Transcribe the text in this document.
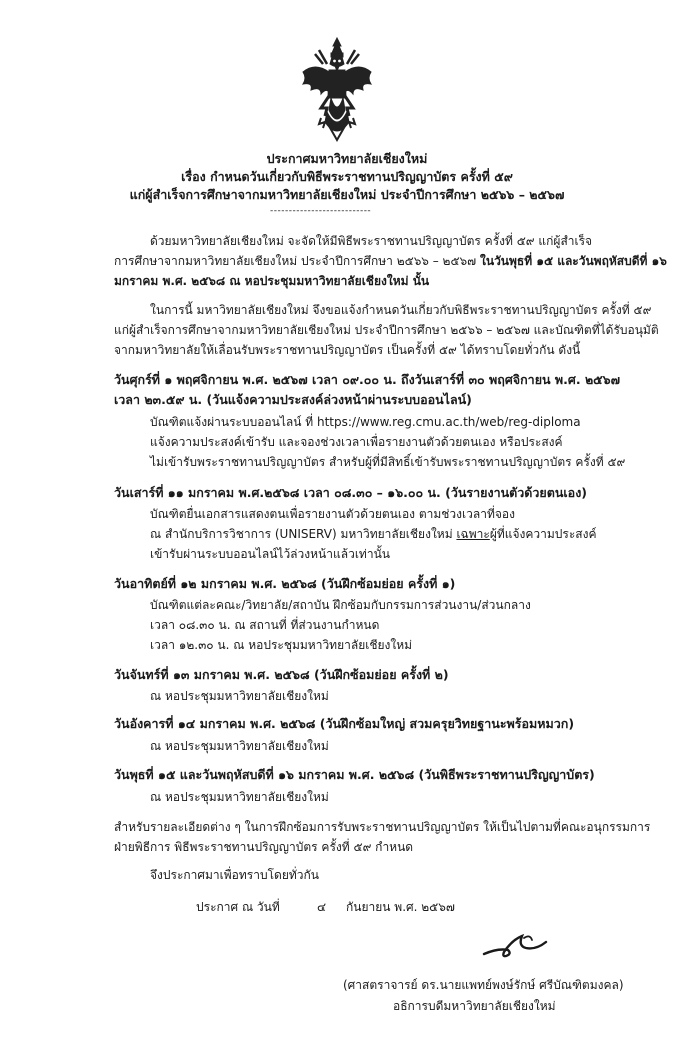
ประกาศมหาวิทยาลัยเชียงใหม่
เรื่อง กำหนดวันเกี่ยวกับพิธีพระราชทานปริญญาบัตร ครั้งที่ ๕๙
แก่ผู้สำเร็จการศึกษาจากมหาวิทยาลัยเชียงใหม่ ประจำปีการศึกษา ๒๕๖๖ – ๒๕๖๗
---------------------------
ด้วยมหาวิทยาลัยเชียงใหม่ จะจัดให้มีพิธีพระราชทานปริญญาบัตร ครั้งที่ ๕๙ แก่ผู้สำเร็จ
การศึกษาจากมหาวิทยาลัยเชียงใหม่ ประจำปีการศึกษา ๒๕๖๖ – ๒๕๖๗ ในวันพุธที่ ๑๕ และวันพฤหัสบดีที่ ๑๖
มกราคม พ.ศ. ๒๕๖๘ ณ หอประชุมมหาวิทยาลัยเชียงใหม่ นั้น
ในการนี้ มหาวิทยาลัยเชียงใหม่ จึงขอแจ้งกำหนดวันเกี่ยวกับพิธีพระราชทานปริญญาบัตร ครั้งที่ ๕๙
แก่ผู้สำเร็จการศึกษาจากมหาวิทยาลัยเชียงใหม่ ประจำปีการศึกษา ๒๕๖๖ – ๒๕๖๗ และบัณฑิตที่ได้รับอนุมัติ
จากมหาวิทยาลัยให้เลื่อนรับพระราชทานปริญญาบัตร เป็นครั้งที่ ๕๙ ได้ทราบโดยทั่วกัน ดังนี้
วันศุกร์ที่ ๑ พฤศจิกายน พ.ศ. ๒๕๖๗ เวลา ๐๙.๐๐ น. ถึงวันเสาร์ที่ ๓๐ พฤศจิกายน พ.ศ. ๒๕๖๗
เวลา ๒๓.๕๙ น. (วันแจ้งความประสงค์ล่วงหน้าผ่านระบบออนไลน์)
บัณฑิตแจ้งผ่านระบบออนไลน์ ที่ https://www.reg.cmu.ac.th/web/reg-diploma
แจ้งความประสงค์เข้ารับ และจองช่วงเวลาเพื่อรายงานตัวด้วยตนเอง หรือประสงค์
ไม่เข้ารับพระราชทานปริญญาบัตร สำหรับผู้ที่มีสิทธิ์เข้ารับพระราชทานปริญญาบัตร ครั้งที่ ๕๙
วันเสาร์ที่ ๑๑ มกราคม พ.ศ.๒๕๖๘ เวลา ๐๘.๓๐ – ๑๖.๐๐ น. (วันรายงานตัวด้วยตนเอง)
บัณฑิตยื่นเอกสารแสดงตนเพื่อรายงานตัวด้วยตนเอง ตามช่วงเวลาที่จอง
ณ สำนักบริการวิชาการ (UNISERV) มหาวิทยาลัยเชียงใหม่ เฉพาะผู้ที่แจ้งความประสงค์
เข้ารับผ่านระบบออนไลน์ไว้ล่วงหน้าแล้วเท่านั้น
วันอาทิตย์ที่ ๑๒ มกราคม พ.ศ. ๒๕๖๘ (วันฝึกซ้อมย่อย ครั้งที่ ๑)
บัณฑิตแต่ละคณะ/วิทยาลัย/สถาบัน ฝึกซ้อมกับกรรมการส่วนงาน/ส่วนกลาง
เวลา ๐๘.๓๐ น. ณ สถานที่ ที่ส่วนงานกำหนด
เวลา ๑๒.๓๐ น. ณ หอประชุมมหาวิทยาลัยเชียงใหม่
วันจันทร์ที่ ๑๓ มกราคม พ.ศ. ๒๕๖๘ (วันฝึกซ้อมย่อย ครั้งที่ ๒)
ณ หอประชุมมหาวิทยาลัยเชียงใหม่
วันอังคารที่ ๑๔ มกราคม พ.ศ. ๒๕๖๘ (วันฝึกซ้อมใหญ่ สวมครุยวิทยฐานะพร้อมหมวก)
ณ หอประชุมมหาวิทยาลัยเชียงใหม่
วันพุธที่ ๑๕ และวันพฤหัสบดีที่ ๑๖ มกราคม พ.ศ. ๒๕๖๘ (วันพิธีพระราชทานปริญญาบัตร)
ณ หอประชุมมหาวิทยาลัยเชียงใหม่
สำหรับรายละเอียดต่าง ๆ ในการฝึกซ้อมการรับพระราชทานปริญญาบัตร ให้เป็นไปตามที่คณะอนุกรรมการ
ฝ่ายพิธีการ พิธีพระราชทานปริญญาบัตร ครั้งที่ ๕๙ กำหนด
จึงประกาศมาเพื่อทราบโดยทั่วกัน
ประกาศ ณ วันที่	๔ กันยายน พ.ศ. ๒๕๖๗
(ศาสตราจารย์ ดร.นายแพทย์พงษ์รักษ์ ศรีบัณฑิตมงคล)
อธิการบดีมหาวิทยาลัยเชียงใหม่
